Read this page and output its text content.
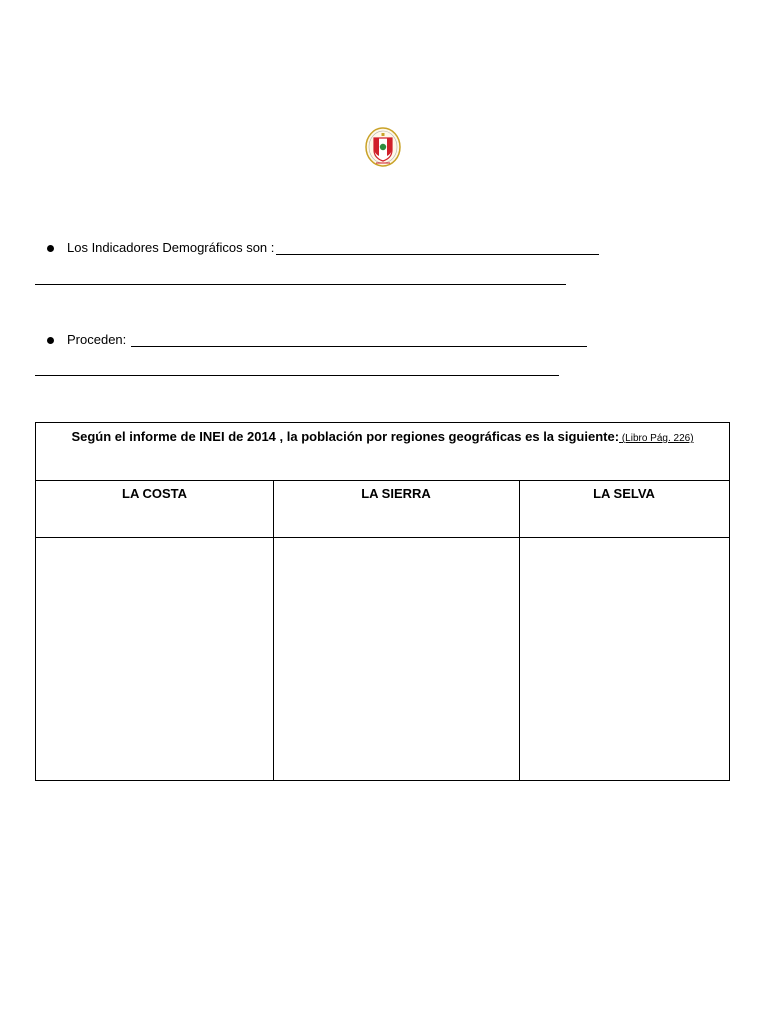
Los Indicadores Demográficos son :
Proceden:
Según el informe de INEI de 2014 , la población por regiones geográficas es la siguiente: (Libro Pág. 226)
LA COSTA	LA SIERRA	LA SELVA
